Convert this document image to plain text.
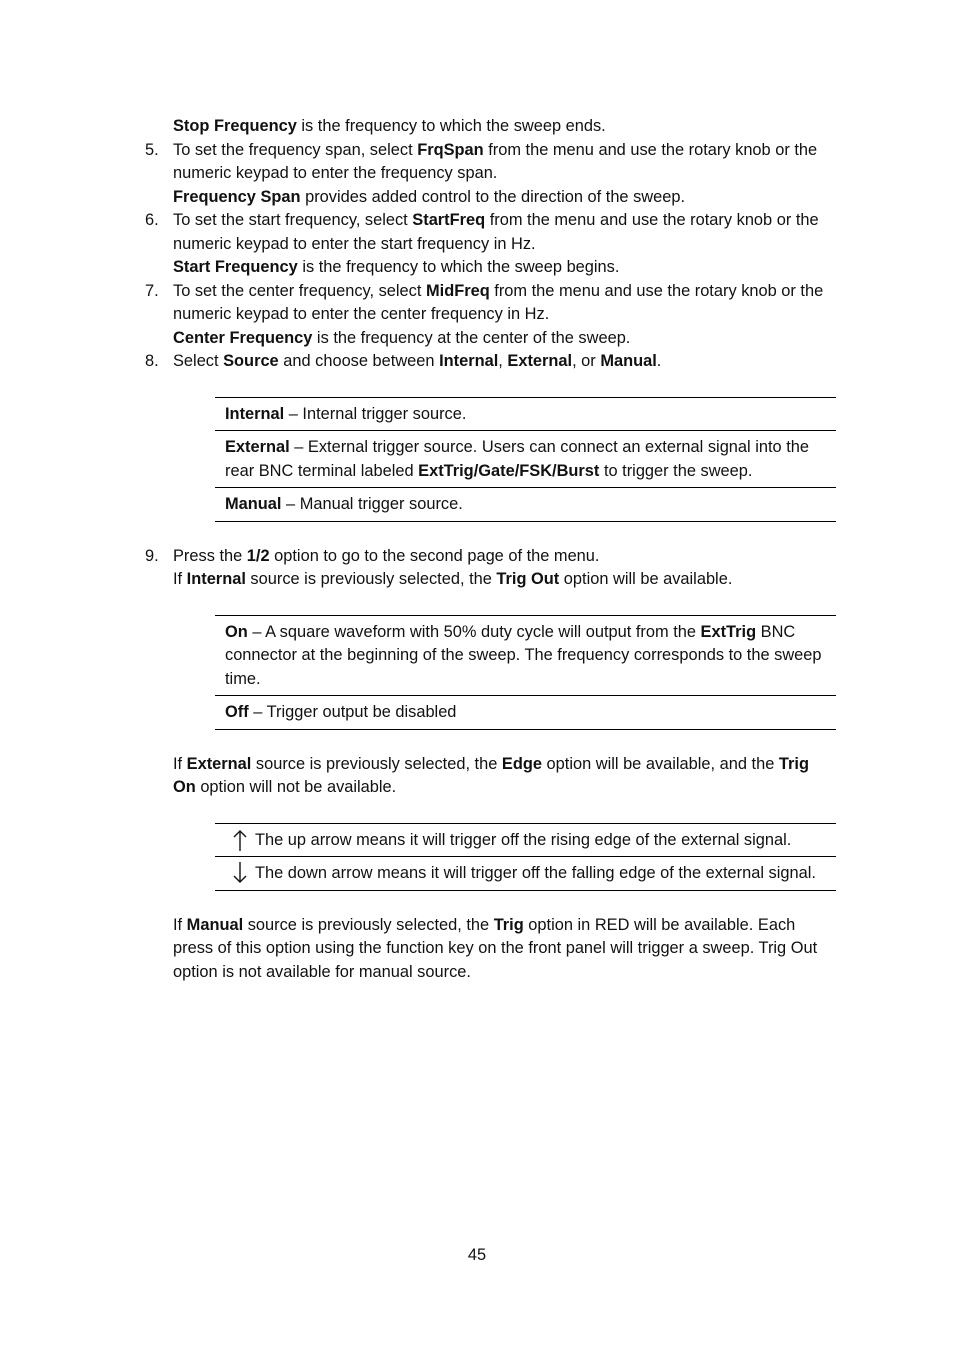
Stop Frequency is the frequency to which the sweep ends.
5. To set the frequency span, select FrqSpan from the menu and use the rotary knob or the numeric keypad to enter the frequency span.
Frequency Span provides added control to the direction of the sweep.
6. To set the start frequency, select StartFreq from the menu and use the rotary knob or the numeric keypad to enter the start frequency in Hz.
Start Frequency is the frequency to which the sweep begins.
7. To set the center frequency, select MidFreq from the menu and use the rotary knob or the numeric keypad to enter the center frequency in Hz.
Center Frequency is the frequency at the center of the sweep.
8. Select Source and choose between Internal, External, or Manual.
Internal – Internal trigger source.
External – External trigger source. Users can connect an external signal into the rear BNC terminal labeled ExtTrig/Gate/FSK/Burst to trigger the sweep.
Manual – Manual trigger source.
9. Press the 1/2 option to go to the second page of the menu.
If Internal source is previously selected, the Trig Out option will be available.
On – A square waveform with 50% duty cycle will output from the ExtTrig BNC connector at the beginning of the sweep. The frequency corresponds to the sweep time.
Off – Trigger output be disabled
If External source is previously selected, the Edge option will be available, and the Trig On option will not be available.
The up arrow means it will trigger off the rising edge of the external signal.

The down arrow means it will trigger off the falling edge of the external signal.
If Manual source is previously selected, the Trig option in RED will be available. Each press of this option using the function key on the front panel will trigger a sweep. Trig Out option is not available for manual source.
45
